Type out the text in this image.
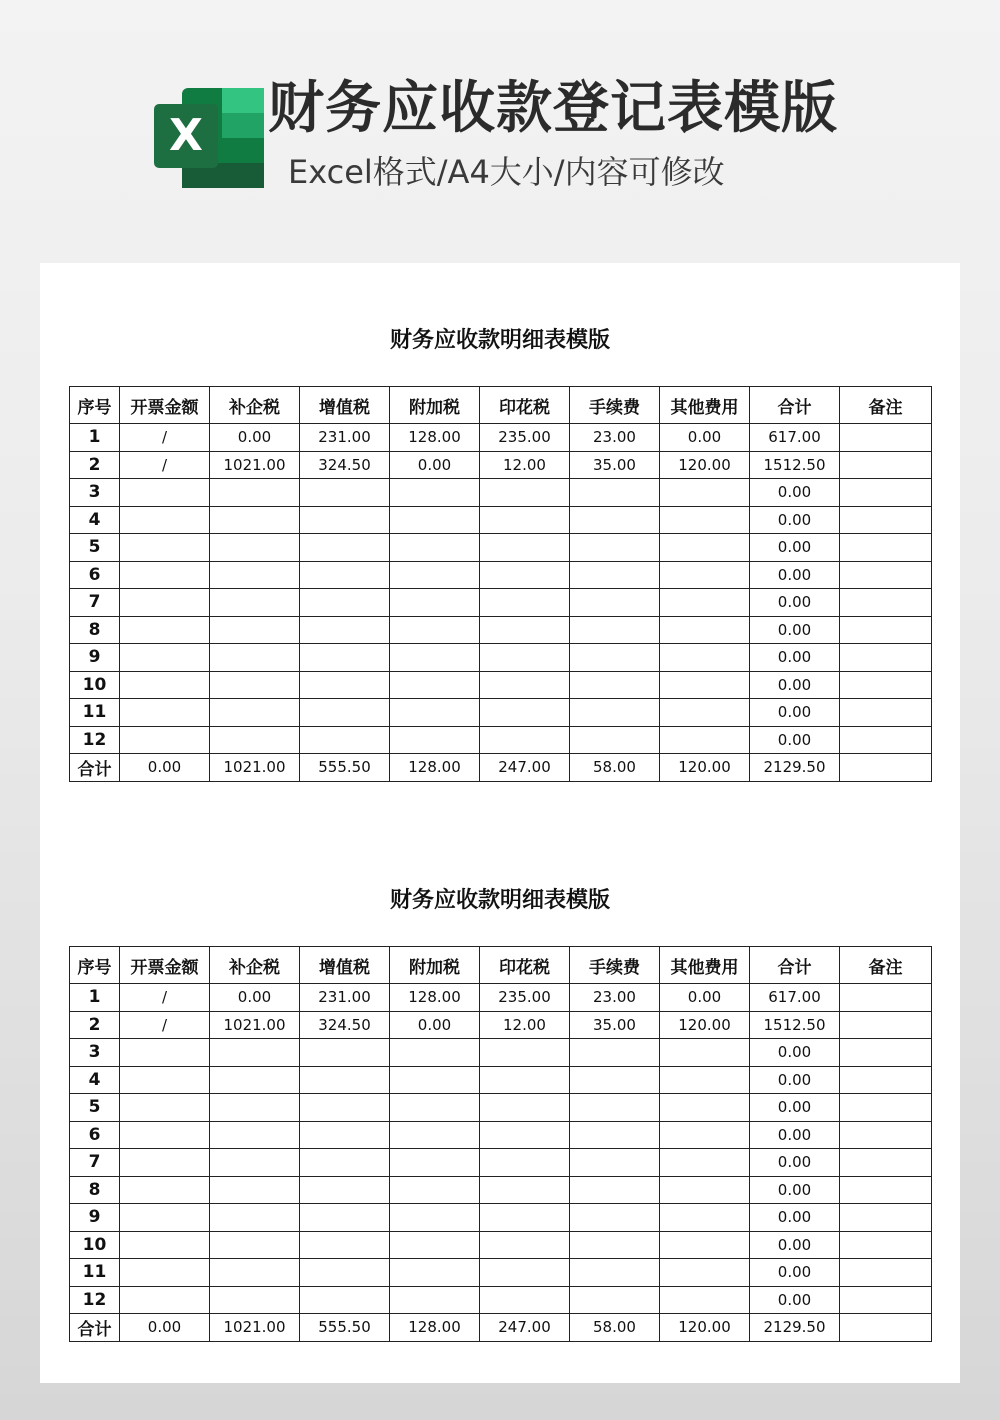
X 财务应收款登记表模版
Excel格式/A4大小/内容可修改
财务应收款明细表模版
序号	开票金额	补企税	增值税	附加税	印花税	手续费	其他费用	合计	备注
1	/	0.00	231.00	128.00	235.00	23.00	0.00	617.00	
2	/	1021.00	324.50	0.00	12.00	35.00	120.00	1512.50	
3								0.00	
4								0.00	
5								0.00	
6								0.00	
7								0.00	
8								0.00	
9								0.00	
10								0.00	
11								0.00	
12								0.00	
合计	0.00	1021.00	555.50	128.00	247.00	58.00	120.00	2129.50	
财务应收款明细表模版
序号	开票金额	补企税	增值税	附加税	印花税	手续费	其他费用	合计	备注
1	/	0.00	231.00	128.00	235.00	23.00	0.00	617.00	
2	/	1021.00	324.50	0.00	12.00	35.00	120.00	1512.50	
3								0.00	
4								0.00	
5								0.00	
6								0.00	
7								0.00	
8								0.00	
9								0.00	
10								0.00	
11								0.00	
12								0.00	
合计	0.00	1021.00	555.50	128.00	247.00	58.00	120.00	2129.50	
